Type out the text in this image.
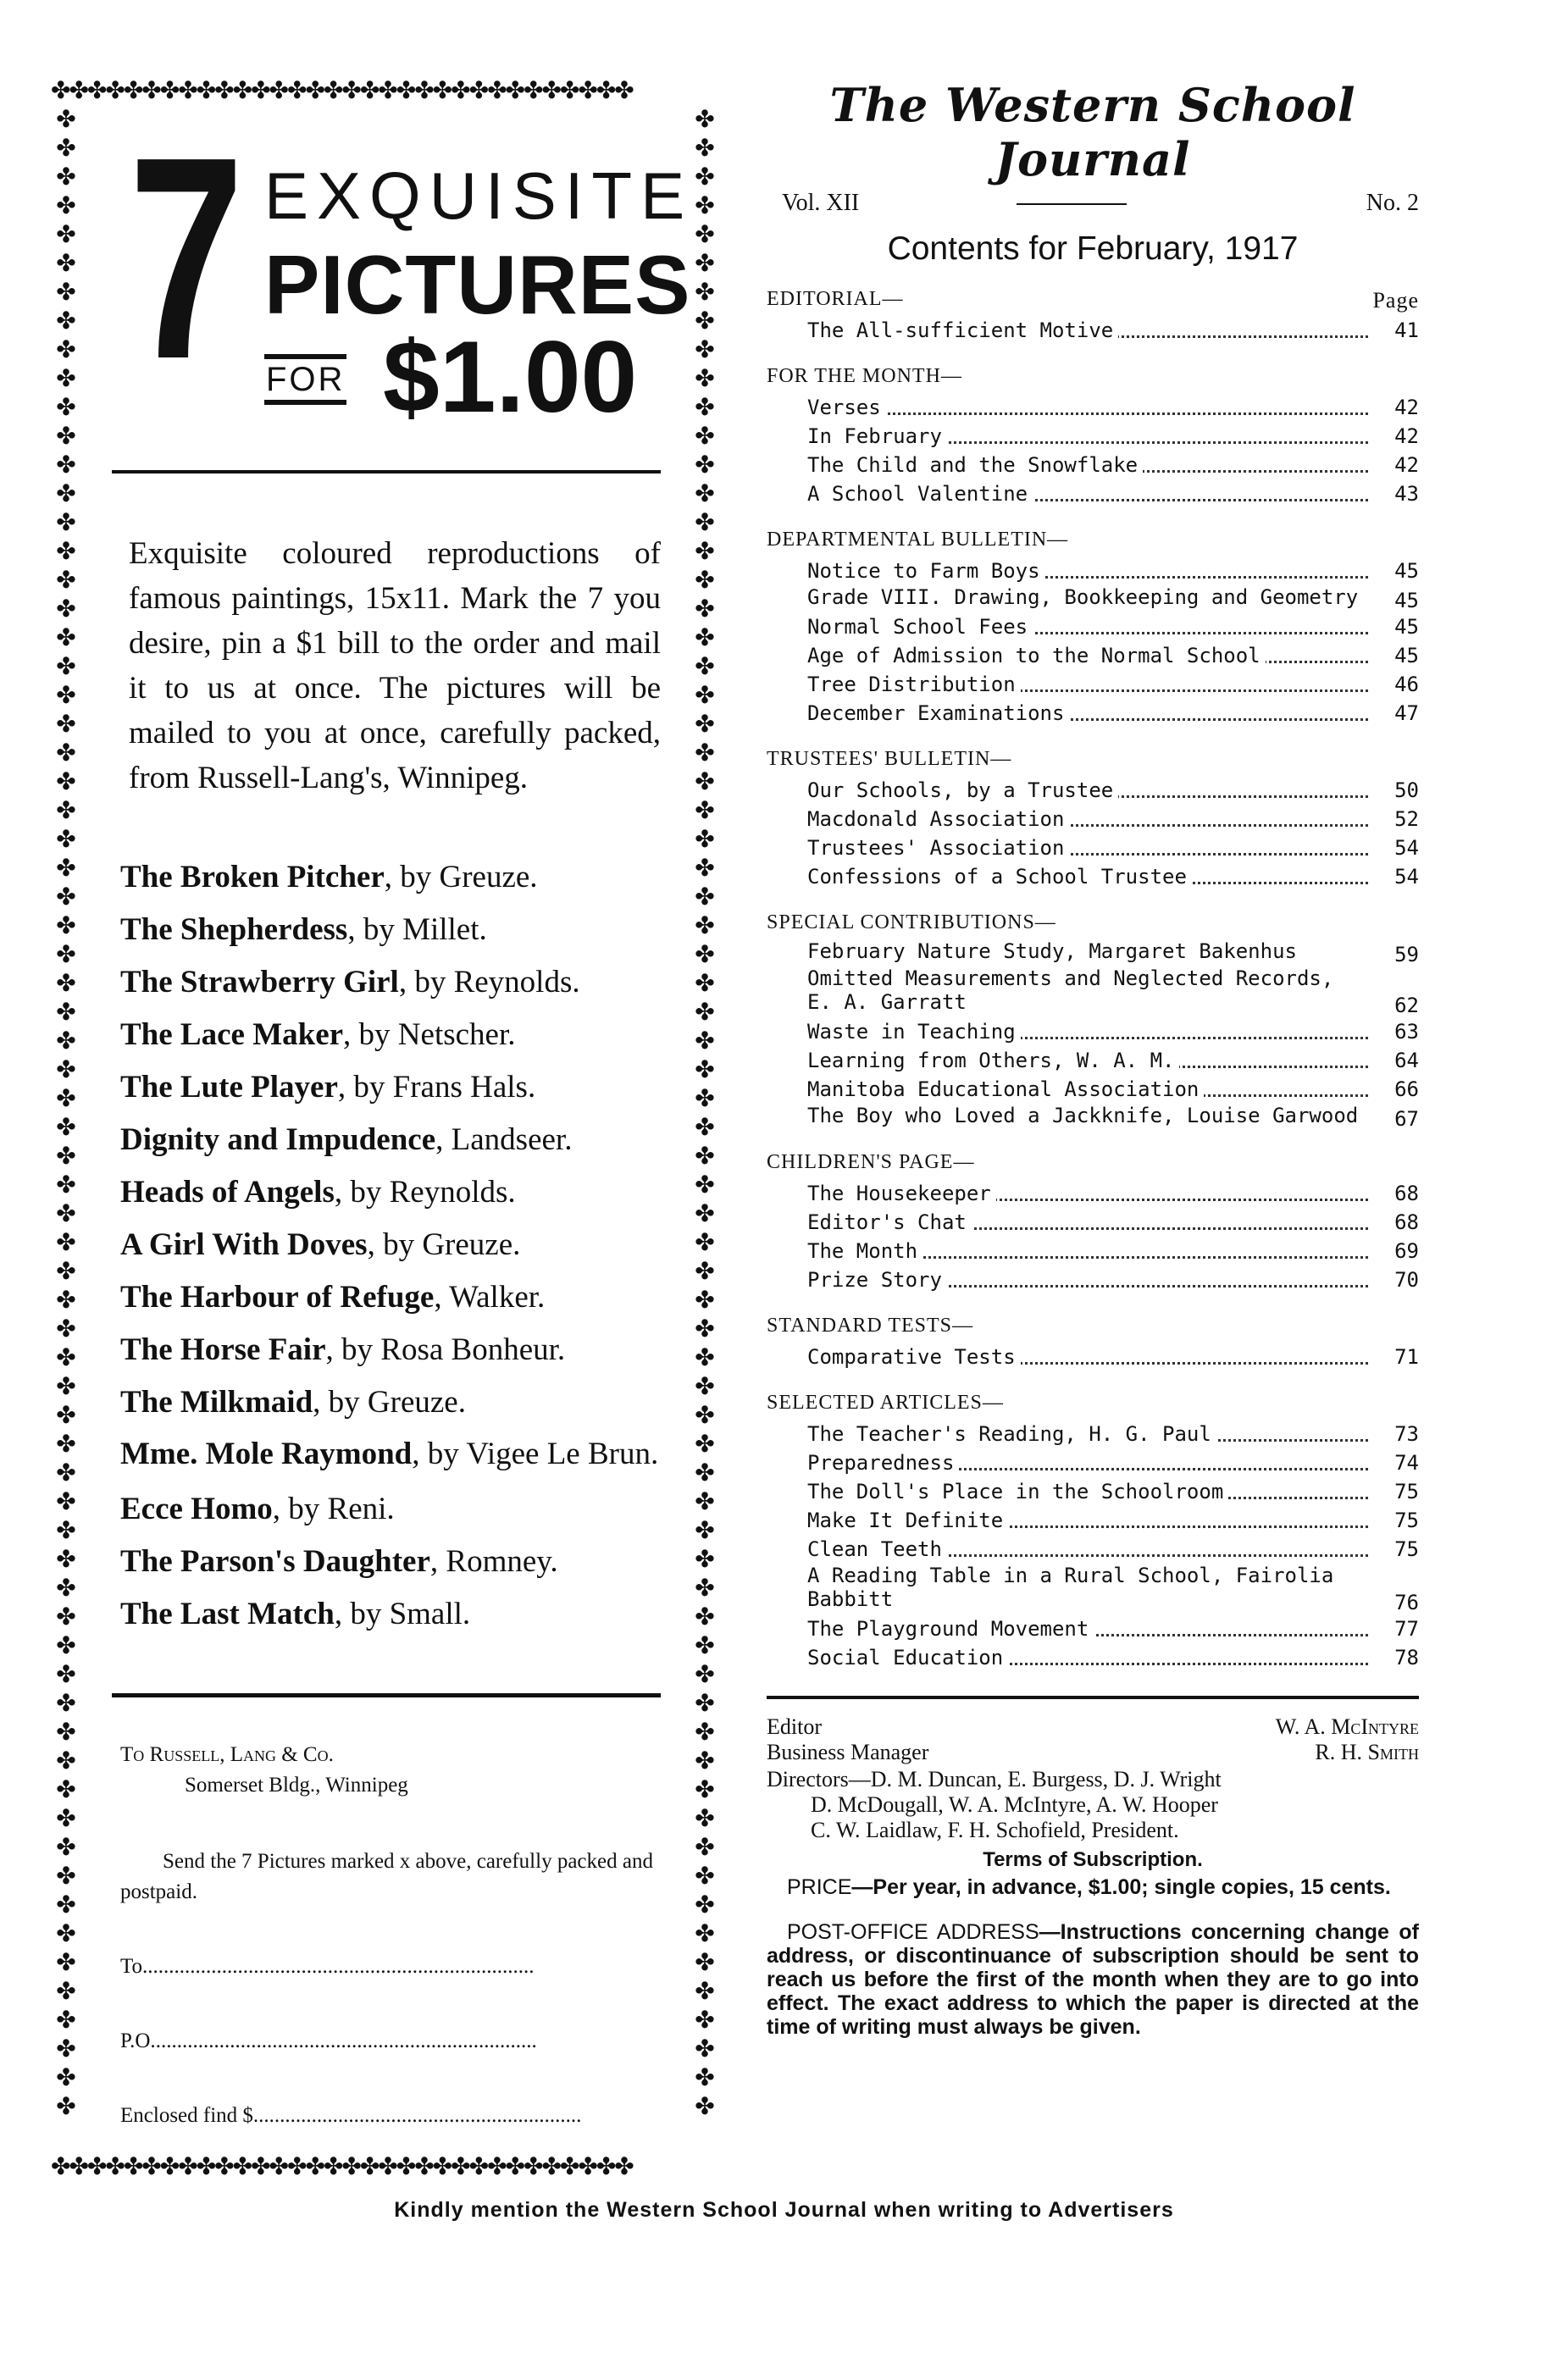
✤✤✤✤✤✤✤✤✤✤✤✤✤✤✤✤✤✤✤✤✤✤✤✤✤✤✤✤✤✤✤✤
✤✤✤✤✤✤✤✤✤✤✤✤✤✤✤✤✤✤✤✤✤✤✤✤✤✤✤✤✤✤✤✤
✤
✤
✤
✤
✤
✤
✤
✤
✤
✤
✤
✤
✤
✤
✤
✤
✤
✤
✤
✤
✤
✤
✤
✤
✤
✤
✤
✤
✤
✤
✤
✤
✤
✤
✤
✤
✤
✤
✤
✤
✤
✤
✤
✤
✤
✤
✤
✤
✤
✤
✤
✤
✤
✤
✤
✤
✤
✤
✤
✤
✤
✤
✤
✤
✤
✤
✤
✤
✤
✤

✤
✤
✤
✤
✤
✤
✤
✤
✤
✤
✤
✤
✤
✤
✤
✤
✤
✤
✤
✤
✤
✤
✤
✤
✤
✤
✤
✤
✤
✤
✤
✤
✤
✤
✤
✤
✤
✤
✤
✤
✤
✤
✤
✤
✤
✤
✤
✤
✤
✤
✤
✤
✤
✤
✤
✤
✤
✤
✤
✤
✤
✤
✤
✤
✤
✤
✤
✤
✤
✤

7 EXQUISITE
PICTURES
FOR $1.00

Exquisite coloured reproductions of famous paintings, 15x11. Mark the 7 you desire, pin a $1 bill to the order and mail it to us at once. The pictures will be mailed to you at once, carefully packed, from Russell-Lang's, Winnipeg.

The Broken Pitcher, by Greuze.
The Shepherdess, by Millet.
The Strawberry Girl, by Reynolds.
The Lace Maker, by Netscher.
The Lute Player, by Frans Hals.
Dignity and Impudence, Landseer.
Heads of Angels, by Reynolds.
A Girl With Doves, by Greuze.
The Harbour of Refuge, Walker.
The Horse Fair, by Rosa Bonheur.
The Milkmaid, by Greuze.
Mme. Mole Raymond, by Vigee Le Brun.
Ecce Homo, by Reni.
The Parson's Daughter, Romney.
The Last Match, by Small.
To Russell, Lang & Co.
Somerset Bldg., Winnipeg
Send the 7 Pictures marked x above, carefully packed and postpaid.
To..........................................................................
P.O.........................................................................
Enclosed find $..............................................................
The Western School Journal
Vol. XII	No. 2
Contents for February, 1917
EDITORIAL—	Page
The All-sufficient Motive	41
FOR THE MONTH—
Verses	42
In February	42
The Child and the Snowflake	42
A School Valentine	43
DEPARTMENTAL BULLETIN—
Notice to Farm Boys	45
Grade VIII. Drawing, Bookkeeping and Geometry 45
Normal School Fees	45
Age of Admission to the Normal School	45
Tree Distribution	46
December Examinations	47
TRUSTEES' BULLETIN—
Our Schools, by a Trustee	50
Macdonald Association	52
Trustees' Association	54
Confessions of a School Trustee	54
SPECIAL CONTRIBUTIONS—
February Nature Study, Margaret Bakenhus	59
Omitted Measurements and Neglected Records, E. A. Garratt	62
Waste in Teaching	63
Learning from Others, W. A. M.	64
Manitoba Educational Association	66
The Boy who Loved a Jackknife, Louise Garwood 67
CHILDREN'S PAGE—
The Housekeeper	68
Editor's Chat	68
The Month	69
Prize Story	70
STANDARD TESTS—
Comparative Tests	71
SELECTED ARTICLES—
The Teacher's Reading, H. G. Paul	73
Preparedness	74
The Doll's Place in the Schoolroom	75
Make It Definite	75
Clean Teeth	75
A Reading Table in a Rural School, Fairolia Babbitt	76
The Playground Movement	77
Social Education	78
Editor	W. A. McIntyre
Business Manager	R. H. Smith
Directors—D. M. Duncan, E. Burgess, D. J. Wright
D. McDougall, W. A. McIntyre, A. W. Hooper
C. W. Laidlaw, F. H. Schofield, President.
Terms of Subscription.

PRICE—Per year, in advance, $1.00; single copies, 15 cents.

POST-OFFICE ADDRESS—Instructions concerning change of address, or discontinuance of subscription should be sent to reach us before the first of the month when they are to go into effect. The exact address to which the paper is directed at the time of writing must always be given.

Kindly mention the Western School Journal when writing to Advertisers
